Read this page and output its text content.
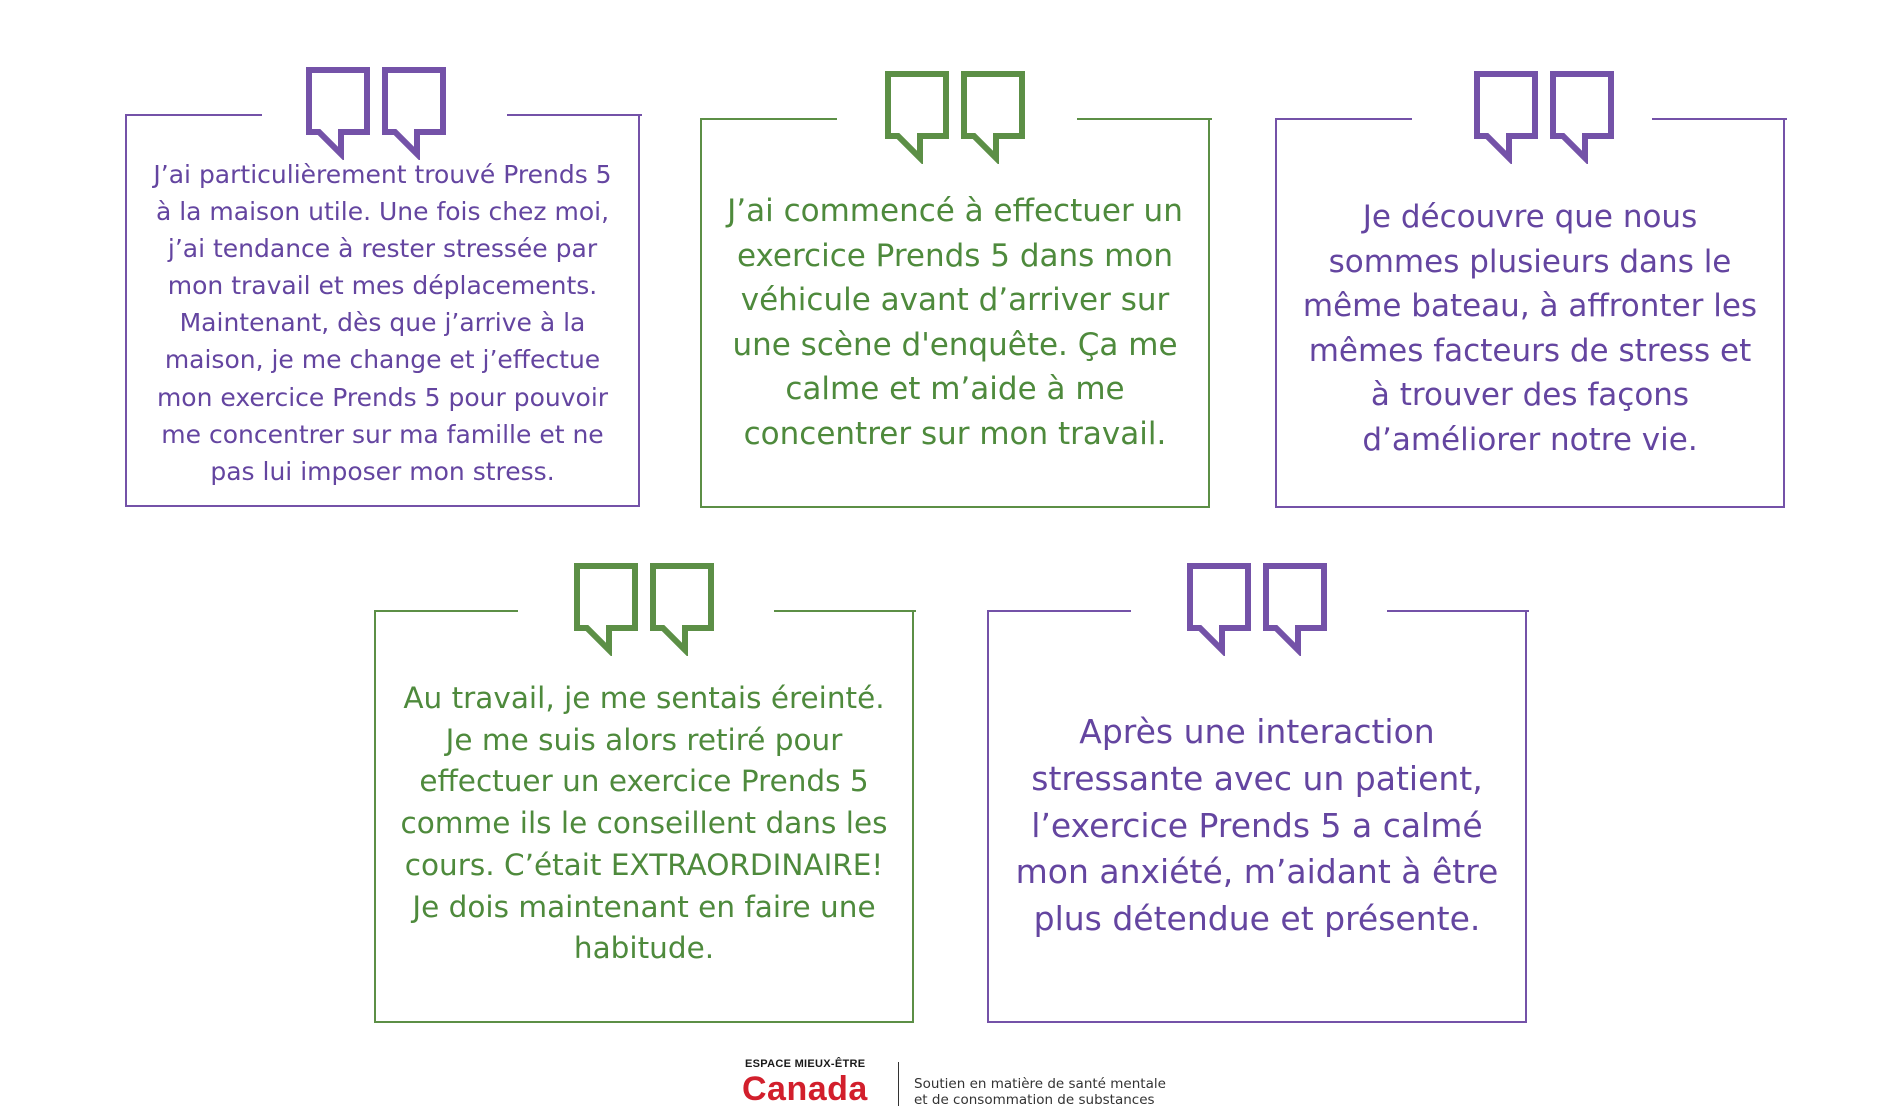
J’ai particulièrement trouvé Prends 5
à la maison utile. Une fois chez moi,
j’ai tendance à rester stressée par
mon travail et mes déplacements.
Maintenant, dès que j’arrive à la
maison, je me change et j’effectue
mon exercice Prends 5 pour pouvoir
me concentrer sur ma famille et ne
pas lui imposer mon stress.
J’ai commencé à effectuer un
exercice Prends 5 dans mon
véhicule avant d’arriver sur
une scène d'enquête. Ça me
calme et m’aide à me
concentrer sur mon travail.
Je découvre que nous
sommes plusieurs dans le
même bateau, à affronter les
mêmes facteurs de stress et
à trouver des façons
d’améliorer notre vie.
Au travail, je me sentais éreinté.
Je me suis alors retiré pour
effectuer un exercice Prends 5
comme ils le conseillent dans les
cours. C’était EXTRAORDINAIRE!
Je dois maintenant en faire une
habitude.
Après une interaction
stressante avec un patient,
l’exercice Prends 5 a calmé
mon anxiété, m’aidant à être
plus détendue et présente.
ESPACE MIEUX-ÊTRE
Canada	Soutien en matière de santé mentale
et de consommation de substances
